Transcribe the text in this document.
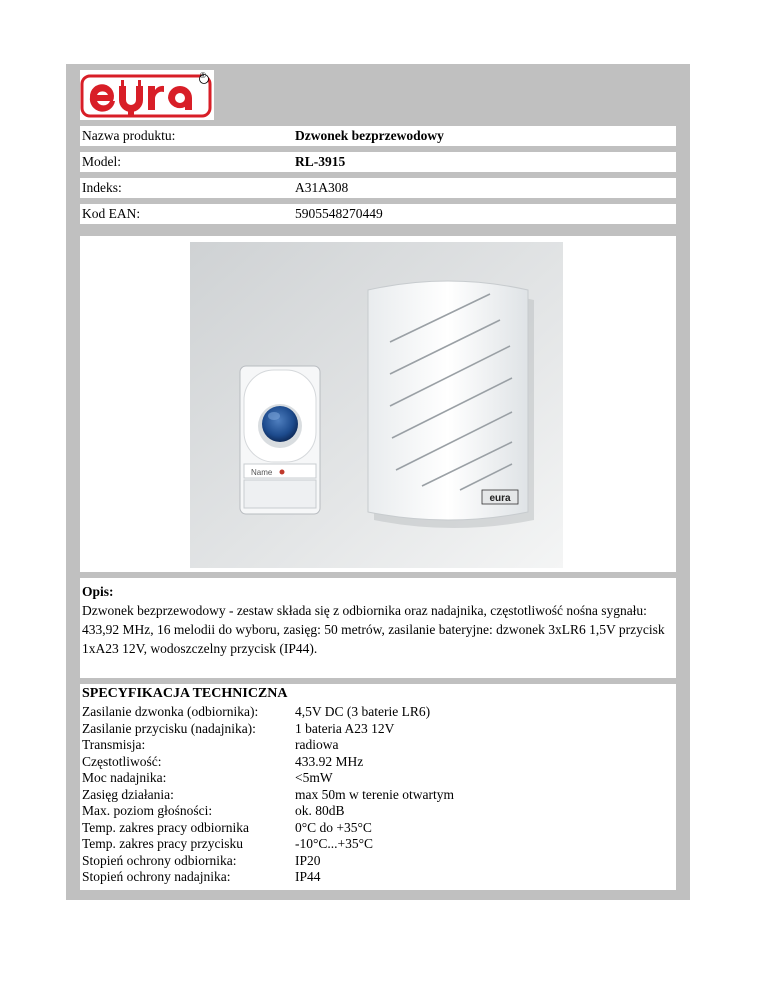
®
Nazwa produktu:	Dzwonek bezprzewodowy
Model:	RL-3915
Indeks:	A31A308
Kod EAN:	5905548270449
eura
Name
Opis:
Dzwonek bezprzewodowy - zestaw składa się z odbiornika oraz nadajnika, częstotliwość nośna sygnału: 433,92 MHz, 16 melodii do wyboru, zasięg: 50 metrów, zasilanie bateryjne: dzwonek 3xLR6 1,5V przycisk 1xA23 12V, wodoszczelny przycisk (IP44).
SPECYFIKACJA TECHNICZNA
Zasilanie dzwonka (odbiornika):	4,5V DC (3 baterie LR6)
Zasilanie przycisku (nadajnika):	1 bateria A23 12V
Transmisja:	radiowa
Częstotliwość:	433.92 MHz
Moc nadajnika:	<5mW
Zasięg działania:	max 50m w terenie otwartym
Max. poziom głośności:	ok. 80dB
Temp. zakres pracy odbiornika	0°C do +35°C
Temp. zakres pracy przycisku	-10°C...+35°C
Stopień ochrony odbiornika:	IP20
Stopień ochrony nadajnika:	IP44
